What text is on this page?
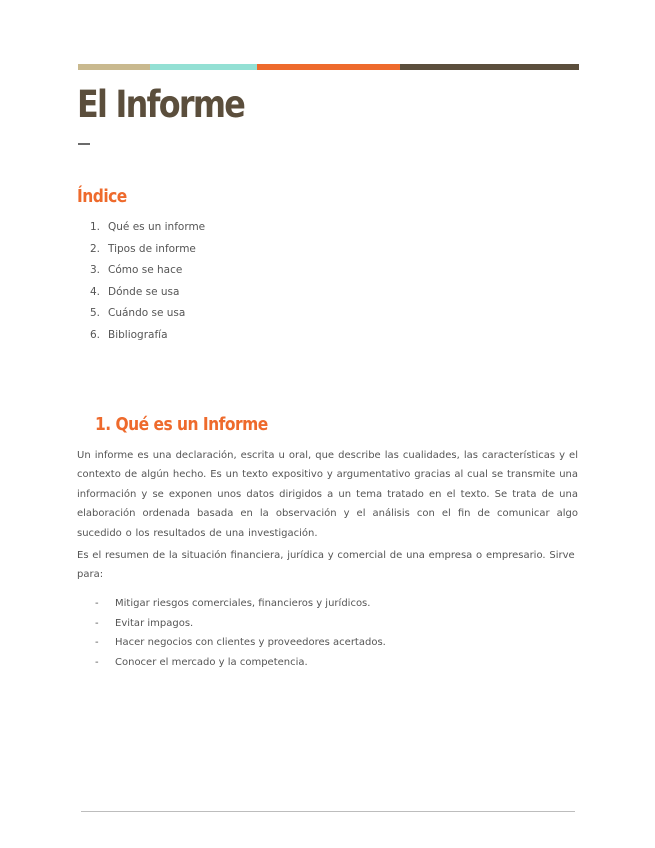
El Informe
Índice
1. Qué es un informe
2. Tipos de informe
3. Cómo se hace
4. Dónde se usa
5. Cuándo se usa
6. Bibliografía
1. Qué es un Informe

Un informe es una declaración, escrita u oral, que describe las cualidades, las características y el contexto de algún hecho. Es un texto expositivo y argumentativo gracias al cual se transmite una información y se exponen unos datos dirigidos a un tema tratado en el texto. Se trata de una elaboración ordenada basada en la observación y el análisis con el fin de comunicar algo sucedido o los resultados de una investigación.

Es el resumen de la situación financiera, jurídica y comercial de una empresa o empresario. Sirve para:

- Mitigar riesgos comerciales, financieros y jurídicos.
- Evitar impagos.
- Hacer negocios con clientes y proveedores acertados.
- Conocer el mercado y la competencia.
